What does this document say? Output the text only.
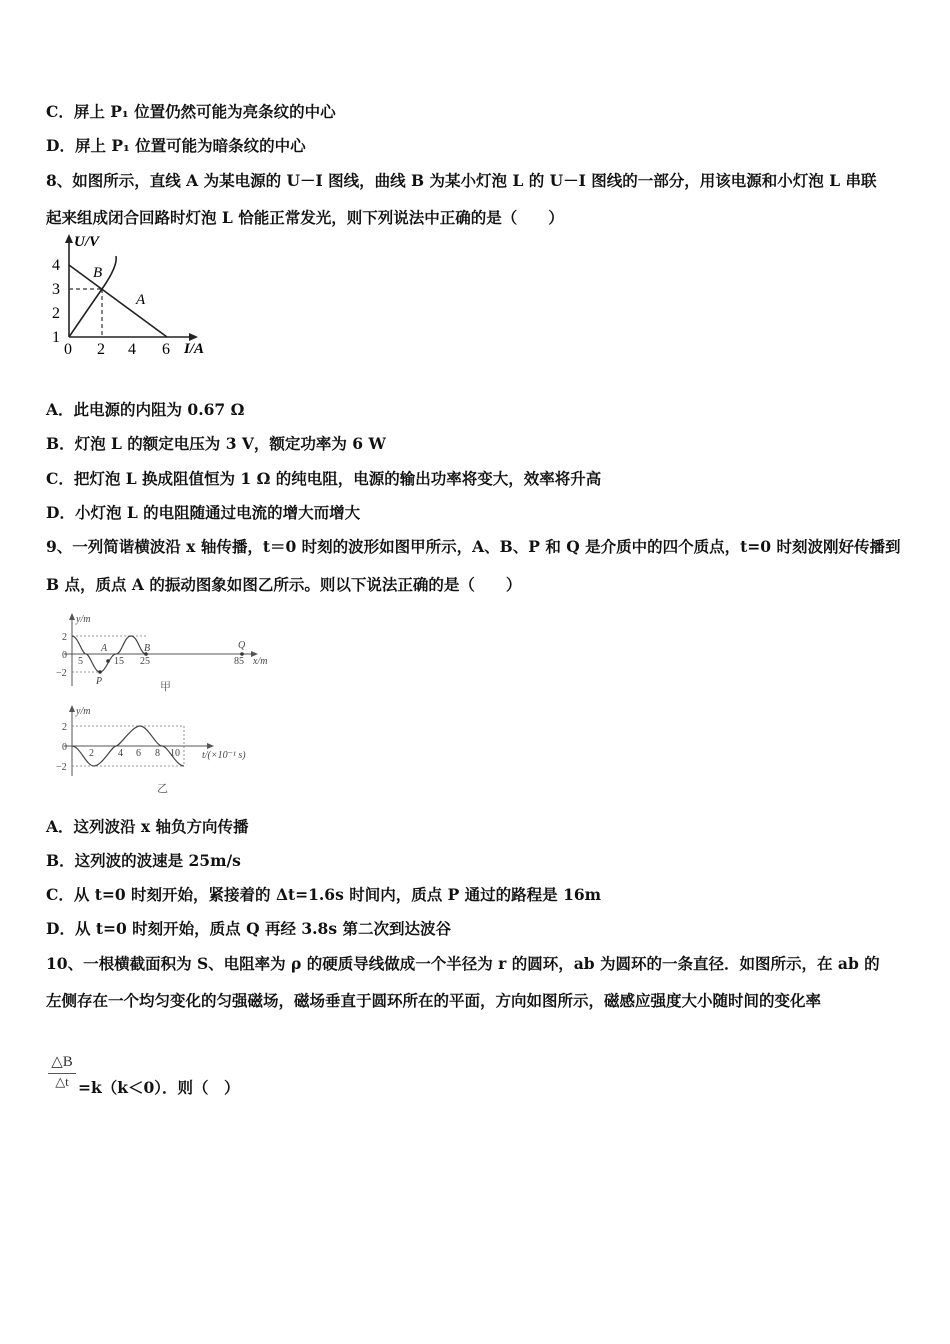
C．屏上 P₁ 位置仍然可能为亮条纹的中心
D．屏上 P₁ 位置可能为暗条纹的中心
8、如图所示，直线 A 为某电源的 U－I 图线，曲线 B 为某小灯泡 L 的 U－I 图线的一部分，用该电源和小灯泡 L 串联
起来组成闭合回路时灯泡 L 恰能正常发光，则下列说法中正确的是（　　）
U/V
I/A
A
B
1
2
3
4
0 2 4 6
A．此电源的内阻为 0.67 Ω
B．灯泡 L 的额定电压为 3 V，额定功率为 6 W
C．把灯泡 L 换成阻值恒为 1 Ω 的纯电阻，电源的输出功率将变大，效率将升高
D．小灯泡 L 的电阻随通过电流的增大而增大
9、一列简谐横波沿 x 轴传播，t＝0 时刻的波形如图甲所示，A、B、P 和 Q 是介质中的四个质点，t=0 时刻波刚好传播到
B 点，质点 A 的振动图象如图乙所示。则以下说法正确的是（　　）
y/m
x/m
2
0
−2
5	15 25	85
A	B
P
Q
甲
y/m
t/(×10⁻¹ s)
2
0
−2
2 4 6 8 10
乙
A．这列波沿 x 轴负方向传播
B．这列波的波速是 25m/s
C．从 t=0 时刻开始，紧接着的 Δt=1.6s 时间内，质点 P 通过的路程是 16m
D．从 t=0 时刻开始，质点 Q 再经 3.8s 第二次到达波谷
10、一根横截面积为 S、电阻率为 ρ 的硬质导线做成一个半径为 r 的圆环，ab 为圆环的一条直径．如图所示，在 ab 的
左侧存在一个均匀变化的匀强磁场，磁场垂直于圆环所在的平面，方向如图所示，磁感应强度大小随时间的变化率
$\frac{\triangle B}{\triangle t} =k(k<0)$．则（　）
